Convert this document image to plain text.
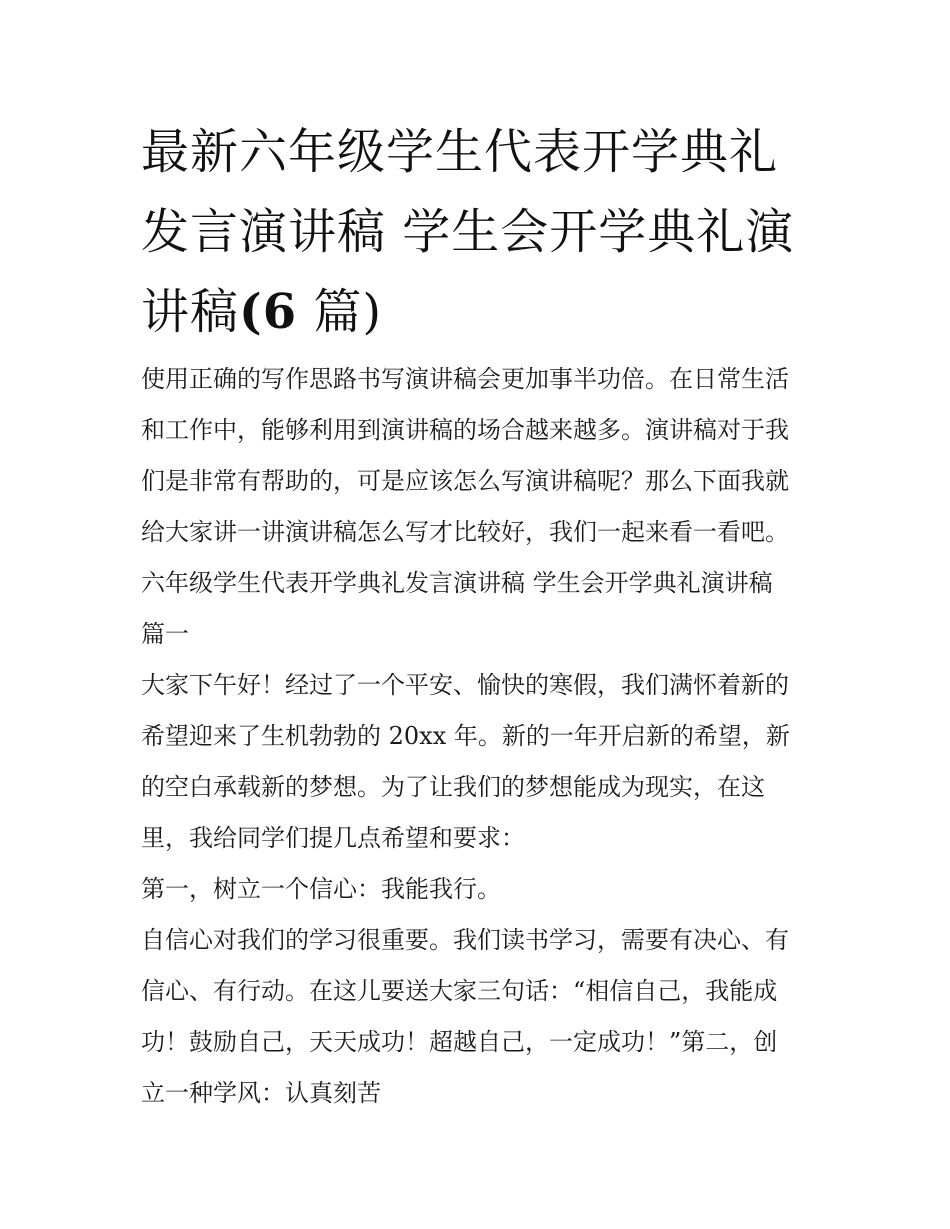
最新六年级学生代表开学典礼
发言演讲稿 学生会开学典礼演
讲稿(6 篇)
使用正确的写作思路书写演讲稿会更加事半功倍。在日常生活
和工作中，能够利用到演讲稿的场合越来越多。演讲稿对于我
们是非常有帮助的，可是应该怎么写演讲稿呢？那么下面我就
给大家讲一讲演讲稿怎么写才比较好，我们一起来看一看吧。
六年级学生代表开学典礼发言演讲稿 学生会开学典礼演讲稿
篇一
大家下午好！经过了一个平安、愉快的寒假，我们满怀着新的
希望迎来了生机勃勃的 20xx 年。新的一年开启新的希望，新
的空白承载新的梦想。为了让我们的梦想能成为现实，在这
里，我给同学们提几点希望和要求：
第一，树立一个信心：我能我行。
自信心对我们的学习很重要。我们读书学习，需要有决心、有
信心、有行动。在这儿要送大家三句话：“相信自己，我能成
功！鼓励自己，天天成功！超越自己，一定成功！”第二，创
立一种学风：认真刻苦
